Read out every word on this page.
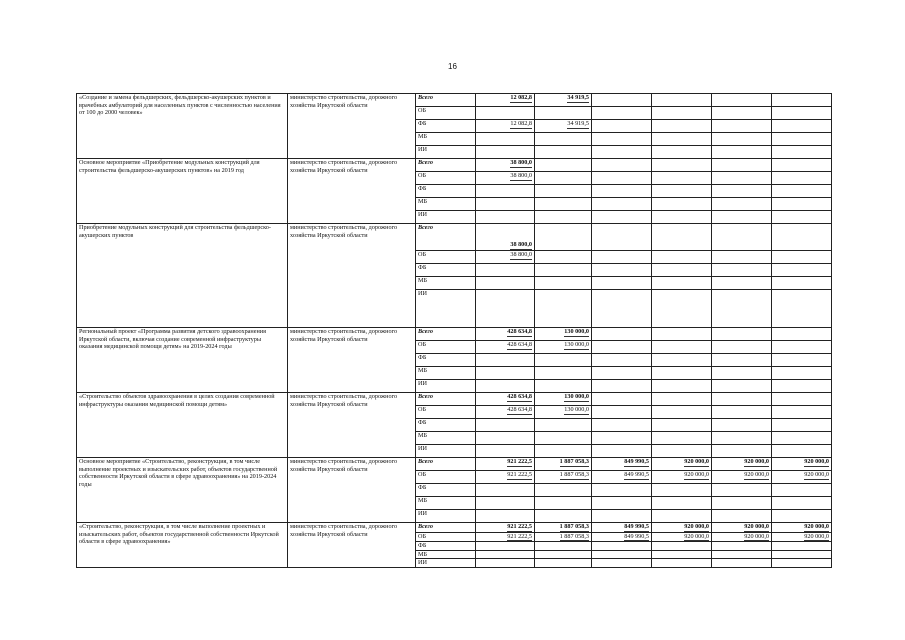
16
«Создание и замена фельдшерских, фельдшерско-акушерских пунктов и врачебных амбулаторий для населенных пунктов с численностью населения от 100 до 2000 человек»	министерство строительства, дорожного хозяйства Иркутской области	Всего	12 082,8	34 919,5				
		ОБ						
		ФБ	12 082,8	34 919,5				
		МБ						
		ИИ						
Основное мероприятие «Приобретение модульных конструкций для строительства фельдшерско-акушерских пунктов» на 2019 год	министерство строительства, дорожного хозяйства Иркутской области	Всего	38 800,0					
		ОБ	38 800,0					
		ФБ						
		МБ						
		ИИ						
Приобретение модульных конструкций для строительства фельдшерско-акушерских пунктов	министерство строительства, дорожного хозяйства Иркутской области	Всего	38 800,0					
		ОБ	38 800,0					
		ФБ						
		МБ						
		ИИ						
Региональный проект «Программа развития детского здравоохранения Иркутской области, включая создание современной инфраструктуры оказания медицинской помощи детям» на 2019-2024 годы	министерство строительства, дорожного хозяйства Иркутской области	Всего	428 634,8	130 000,0				
		ОБ	428 634,8	130 000,0				
		ФБ						
		МБ						
		ИИ						
«Строительство объектов здравоохранения в целях создания современной инфраструктуры оказания медицинской помощи детям»	министерство строительства, дорожного хозяйства Иркутской области	Всего	428 634,8	130 000,0				
		ОБ	428 634,8	130 000,0				
		ФБ						
		МБ						
		ИИ						
Основное мероприятие «Строительство, реконструкция, в том числе выполнение проектных и изыскательских работ, объектов государственной собственности Иркутской области в сфере здравоохранения» на 2019-2024 годы	министерство строительства, дорожного хозяйства Иркутской области	Всего	921 222,5	1 887 058,3	849 990,5	920 000,0	920 000,0	920 000,0
		ОБ	921 222,5	1 887 058,3	849 990,5	920 000,0	920 000,0	920 000,0
		ФБ						
		МБ						
		ИИ						
«Строительство, реконструкция, в том числе выполнение проектных и изыскательских работ, объектов государственной собственности Иркутской области в сфере здравоохранения»	министерство строительства, дорожного хозяйства Иркутской области	Всего	921 222,5	1 887 058,3	849 990,5	920 000,0	920 000,0	920 000,0
		ОБ	921 222,5	1 887 058,3	849 990,5	920 000,0	920 000,0	920 000,0
		ФБ						
		МБ						
		ИИ						
